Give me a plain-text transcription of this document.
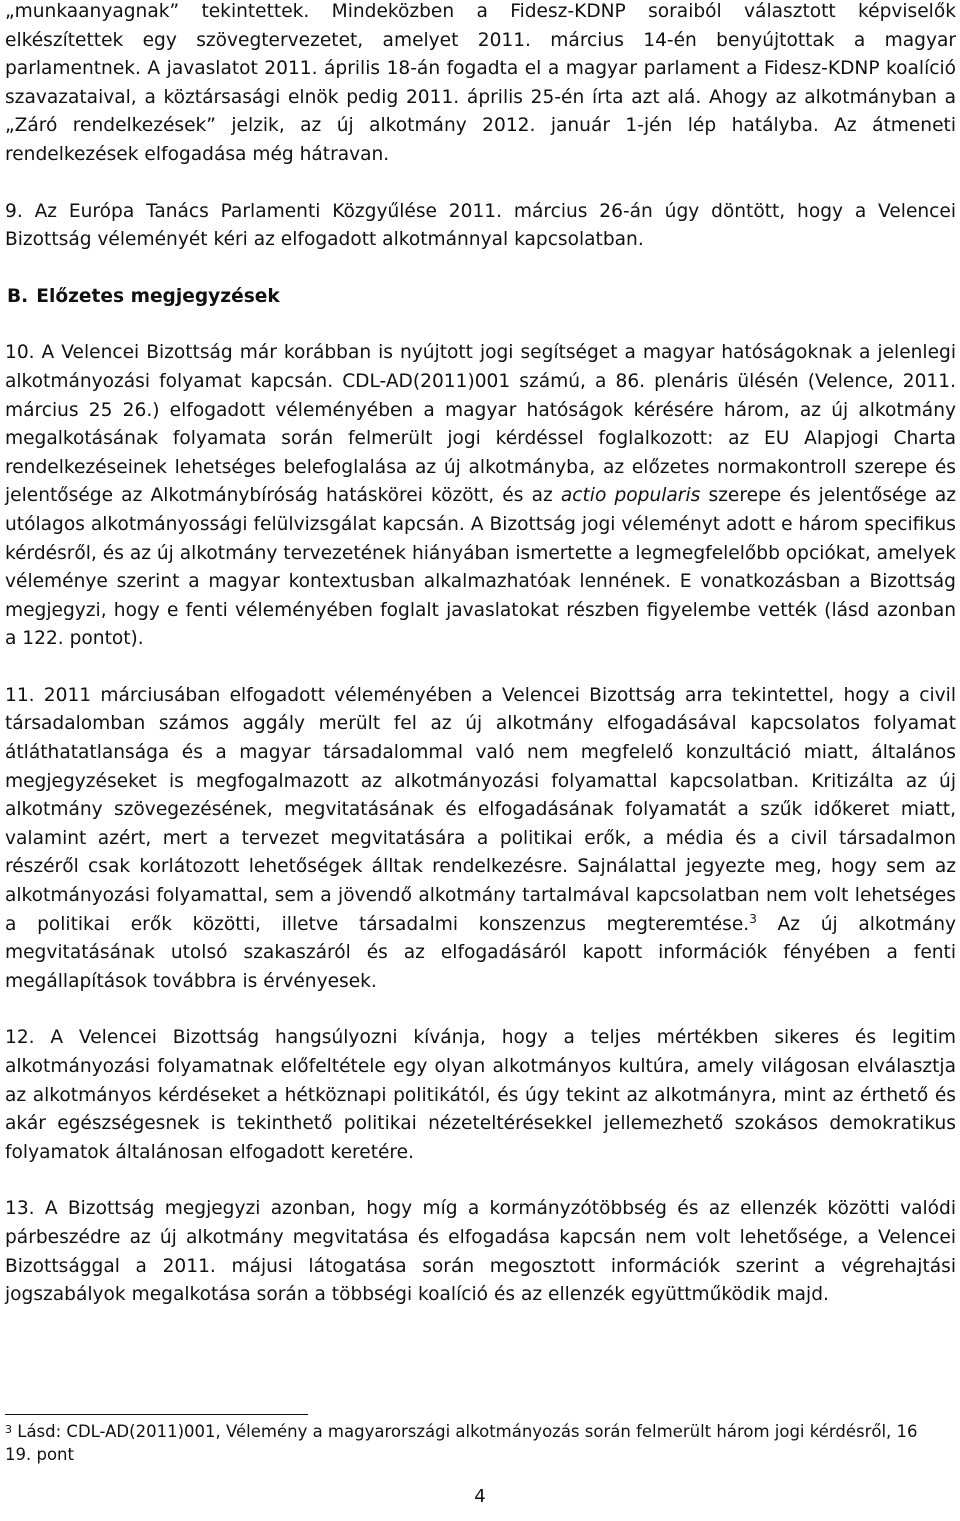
„munkaanyagnak” tekintettek. Mindeközben a Fidesz-KDNP soraiból választott képviselők elkészítettek egy szövegtervezetet, amelyet 2011. március 14-én benyújtottak a magyar parlamentnek. A javaslatot 2011. április 18-án fogadta el a magyar parlament a Fidesz-KDNP koalíció szavazataival, a köztársasági elnök pedig 2011. április 25-én írta azt alá. Ahogy az alkotmányban a „Záró rendelkezések” jelzik, az új alkotmány 2012. január 1-jén lép hatályba. Az átmeneti rendelkezések elfogadása még hátravan.

9. Az Európa Tanács Parlamenti Közgyűlése 2011. március 26-án úgy döntött, hogy a Velencei Bizottság véleményét kéri az elfogadott alkotmánnyal kapcsolatban.

B. Előzetes megjegyzések

10. A Velencei Bizottság már korábban is nyújtott jogi segítséget a magyar hatóságoknak a jelenlegi alkotmányozási folyamat kapcsán. CDL-AD(2011)001 számú, a 86. plenáris ülésén (Velence, 2011. március 25 26.) elfogadott véleményében a magyar hatóságok kérésére három, az új alkotmány megalkotásának folyamata során felmerült jogi kérdéssel foglalkozott: az EU Alapjogi Charta rendelkezéseinek lehetséges belefoglalása az új alkotmányba, az előzetes normakontroll szerepe és jelentősége az Alkotmánybíróság hatáskörei között, és az actio popularis szerepe és jelentősége az utólagos alkotmányossági felülvizsgálat kapcsán. A Bizottság jogi véleményt adott e három specifikus kérdésről, és az új alkotmány tervezetének hiányában ismertette a legmegfelelőbb opciókat, amelyek véleménye szerint a magyar kontextusban alkalmazhatóak lennének. E vonatkozásban a Bizottság megjegyzi, hogy e fenti véleményében foglalt javaslatokat részben figyelembe vették (lásd azonban a 122. pontot).

11. 2011 márciusában elfogadott véleményében a Velencei Bizottság arra tekintettel, hogy a civil társadalomban számos aggály merült fel az új alkotmány elfogadásával kapcsolatos folyamat átláthatatlansága és a magyar társadalommal való nem megfelelő konzultáció miatt, általános megjegyzéseket is megfogalmazott az alkotmányozási folyamattal kapcsolatban. Kritizálta az új alkotmány szövegezésének, megvitatásának és elfogadásának folyamatát a szűk időkeret miatt, valamint azért, mert a tervezet megvitatására a politikai erők, a média és a civil társadalmon részéről csak korlátozott lehetőségek álltak rendelkezésre. Sajnálattal jegyezte meg, hogy sem az alkotmányozási folyamattal, sem a jövendő alkotmány tartalmával kapcsolatban nem volt lehetséges a politikai erők közötti, illetve társadalmi konszenzus megteremtése.$^3$ Az új alkotmány megvitatásának utolsó szakaszáról és az elfogadásáról kapott információk fényében a fenti megállapítások továbbra is érvényesek.

12. A Velencei Bizottság hangsúlyozni kívánja, hogy a teljes mértékben sikeres és legitim alkotmányozási folyamatnak előfeltétele egy olyan alkotmányos kultúra, amely világosan elválasztja az alkotmányos kérdéseket a hétköznapi politikától, és úgy tekint az alkotmányra, mint az érthető és akár egészségesnek is tekinthető politikai nézeteltérésekkel jellemezhető szokásos demokratikus folyamatok általánosan elfogadott keretére.

13. A Bizottság megjegyzi azonban, hogy míg a kormányzótöbbség és az ellenzék közötti valódi párbeszédre az új alkotmány megvitatása és elfogadása kapcsán nem volt lehetősége, a Velencei Bizottsággal a 2011. májusi látogatása során megosztott információk szerint a végrehajtási jogszabályok megalkotása során a többségi koalíció és az ellenzék együttműködik majd.

$^3$ Lásd: CDL-AD(2011)001, Vélemény a magyarországi alkotmányozás során felmerült három jogi kérdésről, 16 19. pont
4
